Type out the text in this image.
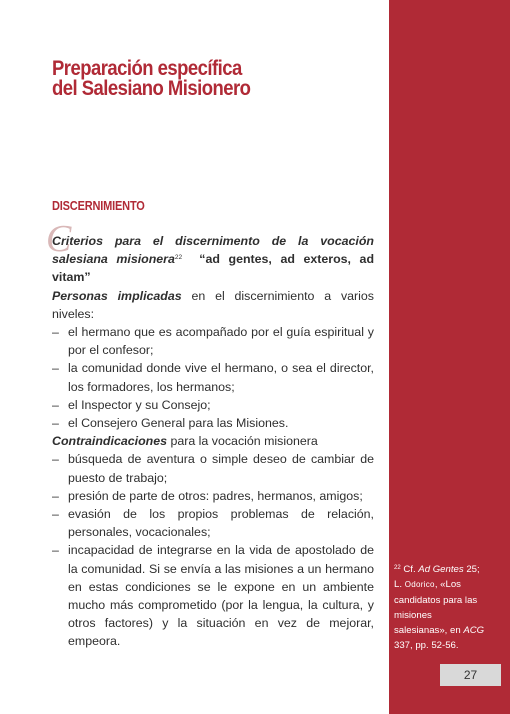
Preparación específica
del Salesiano Misionero
DISCERNIMIENTO

C
Criterios para el discernimento de la vocación salesiana misionera$^{22}$ “ad gentes, ad exteros, ad vitam”

Personas implicadas en el discernimiento a varios niveles:

– el hermano que es acompañado por el guía espiritual y por el confesor;
– la comunidad donde vive el hermano, o sea el director, los formadores, los hermanos;
– el Inspector y su Consejo;
– el Consejero General para las Misiones.

Contraindicaciones para la vocación misionera

– búsqueda de aventura o simple deseo de cambiar de puesto de trabajo;
– presión de parte de otros: padres, hermanos, amigos;
– evasión de los propios problemas de relación, personales, vocacionales;
– incapacidad de integrarse en la vida de apostolado de la comunidad. Si se envía a las misiones a un hermano en estas condiciones se le expone en un ambiente mucho más comprometido (por la lengua, la cultura, y otros factores) y la situación en vez de mejorar, empeora.
$^{22}$ Cf. Ad Gentes 25; L. Odorico, «Los candidatos para las misiones salesianas», en ACG 337, pp. 52-56.
27
